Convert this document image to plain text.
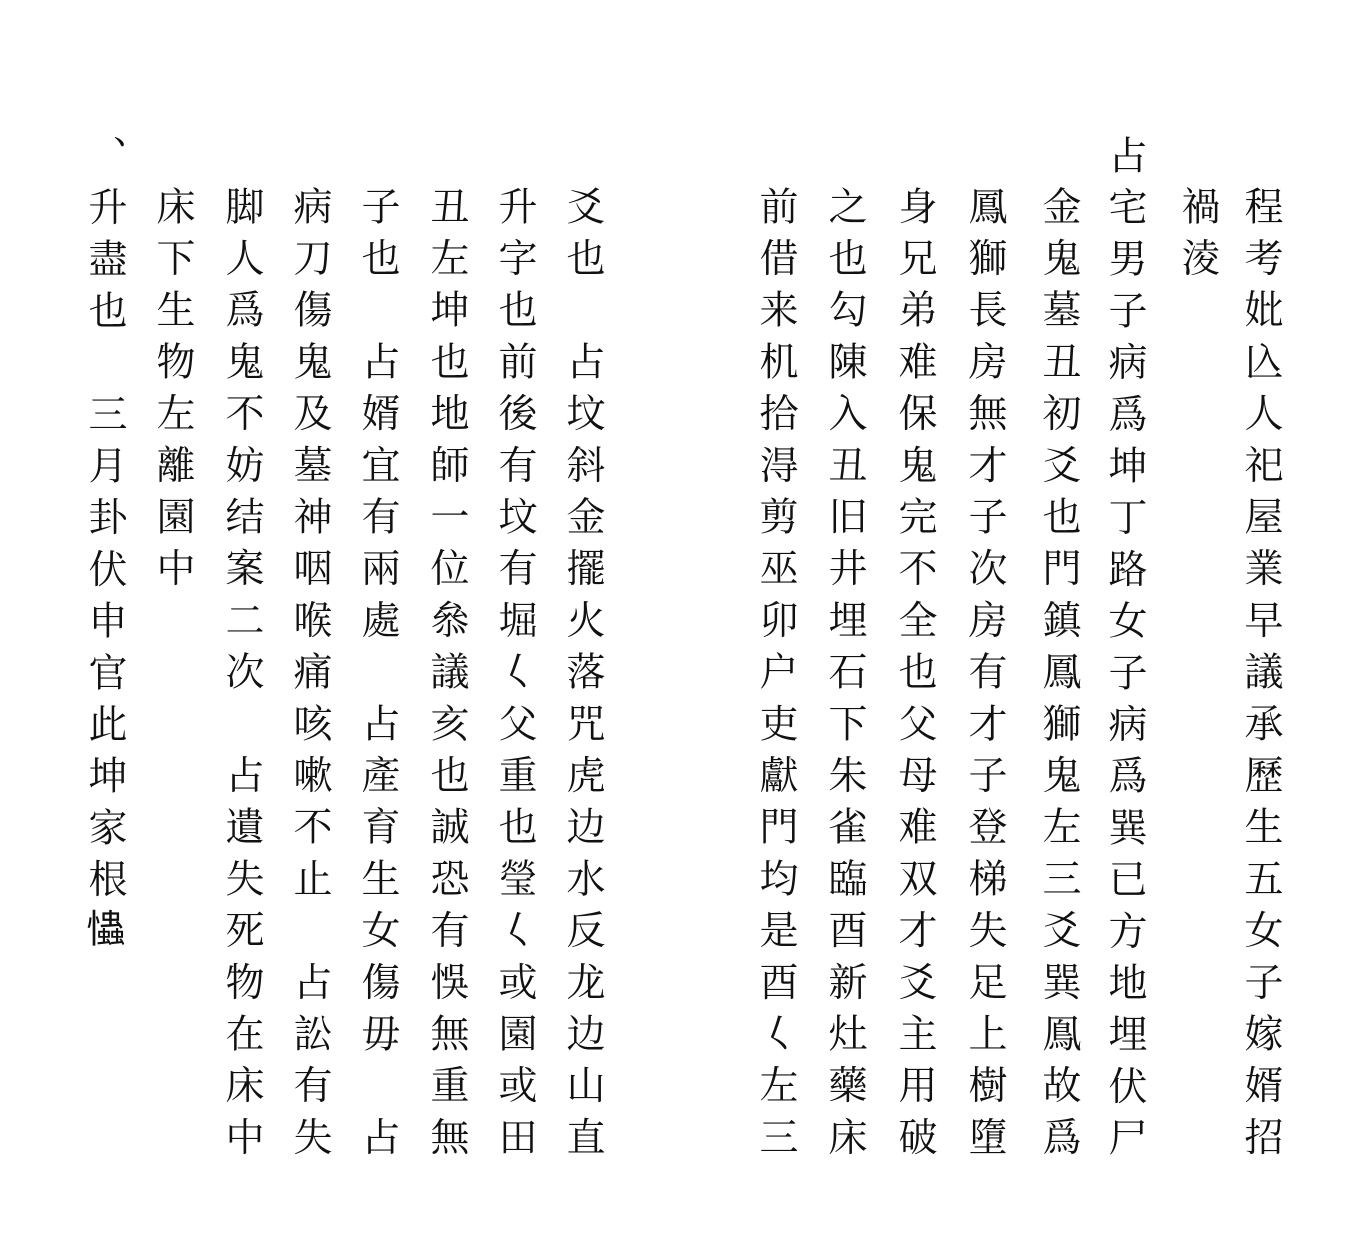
程考妣兦人祀屋業早議承歷生五女子嫁婿招
禍淩
占宅男子病爲坤丁路女子病爲巽已方地埋伏尸
金鬼墓丑初爻也門鎮鳳獅鬼左三爻巽鳯故爲
鳳獅長房無才子次房有才子登梯失足上樹墮
身兄弟难保鬼完不全也父母难双才爻主用破
之也勾陳入丑旧井埋石下朱雀臨酉新灶藥床
前借来机拾淂剪巫卯户吏獻門均是酉𡿨左三
爻也　占坟斜金擺火落咒虎边水反龙边山直
升字也前後有坟有堀𡿨父重也瑩𡿨或園或田
丑左坤也地師一位叅議亥也誠恐有悞無重無
子也　占婿宜有兩處　占產育生女傷毋　占
病刀傷鬼及墓神咽喉痛咳嗽不止　占訟有失
脚人爲鬼不妨结案二次　占遺失死物在床中
床下生物左離園中
、升盡也　三月卦伏申官此坤家根𢥞
